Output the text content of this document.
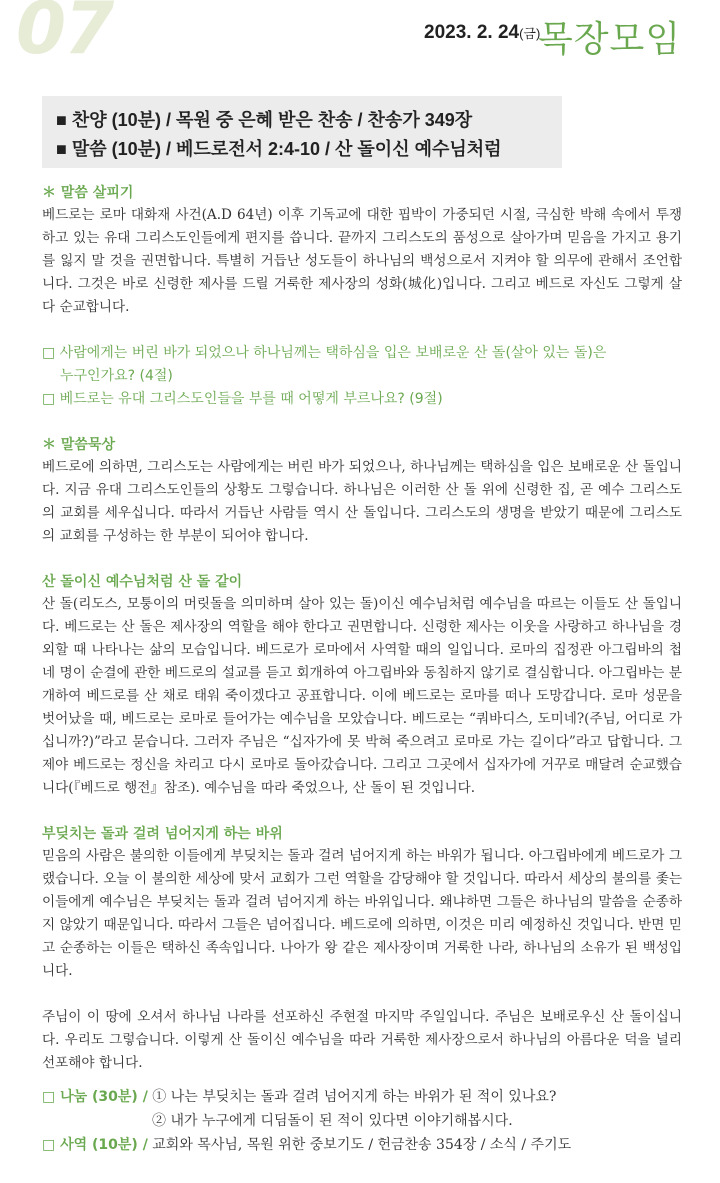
07	2023. 2. 24(금)
목장모임
■ 찬양 (10분) / 목원 중 은혜 받은 찬송 / 찬송가 349장
■ 말씀 (10분) / 베드로전서 2:4-10 / 산 돌이신 예수님처럼
＊ 말씀 살피기
베드로는 로마 대화재 사건(A.D 64년) 이후 기독교에 대한 핍박이 가중되던 시절, 극심한 박해 속에서 투쟁하고 있는 유대 그리스도인들에게 편지를 씁니다. 끝까지 그리스도의 품성으로 살아가며 믿음을 가지고 용기를 잃지 말 것을 권면합니다. 특별히 거듭난 성도들이 하나님의 백성으로서 지켜야 할 의무에 관해서 조언합니다. 그것은 바로 신령한 제사를 드릴 거룩한 제사장의 성화(城化)입니다. 그리고 베드로 자신도 그렇게 살다 순교합니다.
□ 사람에게는 버린 바가 되었으나 하나님께는 택하심을 입은 보배로운 산 돌(살아 있는 돌)은
누구인가요? (4절)
□ 베드로는 유대 그리스도인들을 부를 때 어떻게 부르나요? (9절)
＊ 말씀묵상
베드로에 의하면, 그리스도는 사람에게는 버린 바가 되었으나, 하나님께는 택하심을 입은 보배로운 산 돌입니다. 지금 유대 그리스도인들의 상황도 그렇습니다. 하나님은 이러한 산 돌 위에 신령한 집, 곧 예수 그리스도의 교회를 세우십니다. 따라서 거듭난 사람들 역시 산 돌입니다. 그리스도의 생명을 받았기 때문에 그리스도의 교회를 구성하는 한 부분이 되어야 합니다.
산 돌이신 예수님처럼 산 돌 같이
산 돌(리도스, 모퉁이의 머릿돌을 의미하며 살아 있는 돌)이신 예수님처럼 예수님을 따르는 이들도 산 돌입니다. 베드로는 산 돌은 제사장의 역할을 해야 한다고 권면합니다. 신령한 제사는 이웃을 사랑하고 하나님을 경외할 때 나타나는 삶의 모습입니다. 베드로가 로마에서 사역할 때의 일입니다. 로마의 집정관 아그립바의 첩 네 명이 순결에 관한 베드로의 설교를 듣고 회개하여 아그립바와 동침하지 않기로 결심합니다. 아그립바는 분개하여 베드로를 산 채로 태워 죽이겠다고 공표합니다. 이에 베드로는 로마를 떠나 도망갑니다. 로마 성문을 벗어났을 때, 베드로는 로마로 들어가는 예수님을 모았습니다. 베드로는 “쿼바디스, 도미네?(주님, 어디로 가십니까?)”라고 묻습니다. 그러자 주님은 “십자가에 못 박혀 죽으려고 로마로 가는 길이다”라고 답합니다. 그제야 베드로는 정신을 차리고 다시 로마로 돌아갔습니다. 그리고 그곳에서 십자가에 거꾸로 매달려 순교했습니다(『베드로 행전』참조). 예수님을 따라 죽었으나, 산 돌이 된 것입니다.
부딪치는 돌과 걸려 넘어지게 하는 바위
믿음의 사람은 불의한 이들에게 부딪치는 돌과 걸려 넘어지게 하는 바위가 됩니다. 아그립바에게 베드로가 그랬습니다. 오늘 이 불의한 세상에 맞서 교회가 그런 역할을 감당해야 할 것입니다. 따라서 세상의 불의를 좇는 이들에게 예수님은 부딪치는 돌과 걸려 넘어지게 하는 바위입니다. 왜냐하면 그들은 하나님의 말씀을 순종하지 않았기 때문입니다. 따라서 그들은 넘어집니다. 베드로에 의하면, 이것은 미리 예정하신 것입니다. 반면 믿고 순종하는 이들은 택하신 족속입니다. 나아가 왕 같은 제사장이며 거룩한 나라, 하나님의 소유가 된 백성입니다.
주님이 이 땅에 오셔서 하나님 나라를 선포하신 주현절 마지막 주일입니다. 주님은 보배로우신 산 돌이십니다. 우리도 그렇습니다. 이렇게 산 돌이신 예수님을 따라 거룩한 제사장으로서 하나님의 아름다운 덕을 널리 선포해야 합니다.
□ 나눔 (30분) / ① 나는 부딪치는 돌과 걸려 넘어지게 하는 바위가 된 적이 있나요?
② 내가 누구에게 디딤돌이 된 적이 있다면 이야기해봅시다.
□ 사역 (10분) / 교회와 목사님, 목원 위한 중보기도 / 헌금찬송 354장 / 소식 / 주기도
